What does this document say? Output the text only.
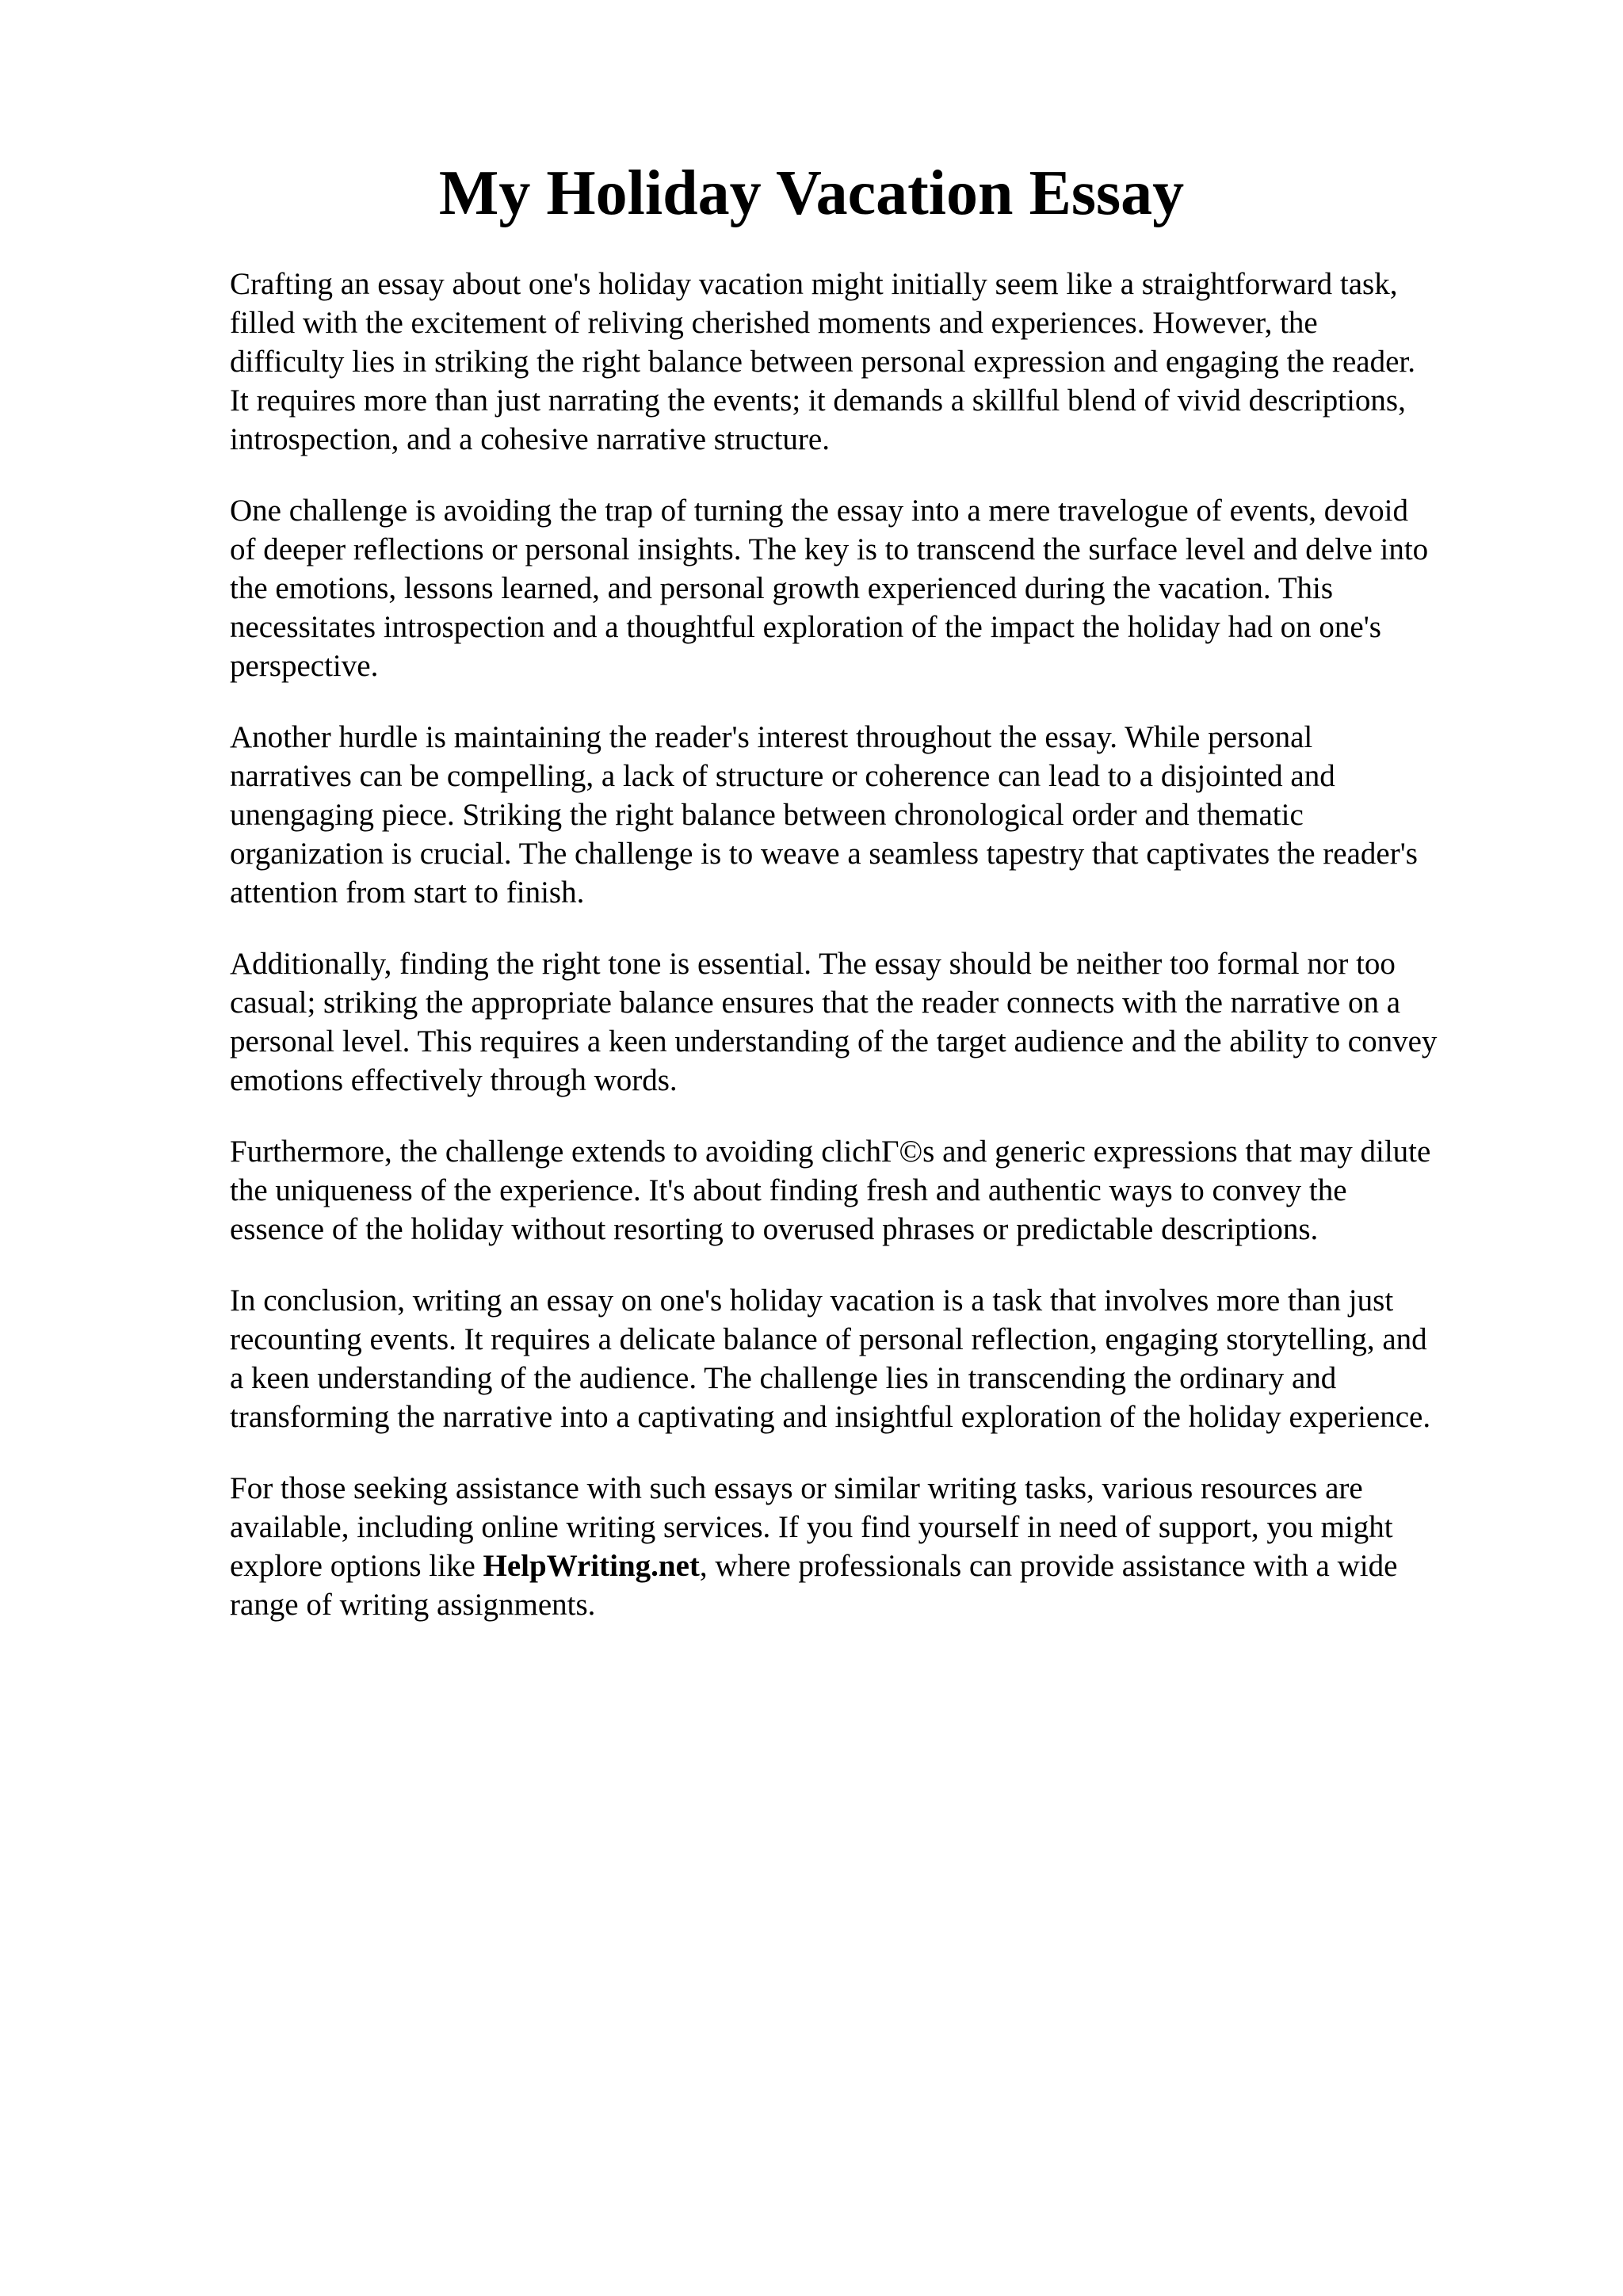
My Holiday Vacation Essay

Crafting an essay about one's holiday vacation might initially seem like a straightforward task,
filled with the excitement of reliving cherished moments and experiences. However, the
difficulty lies in striking the right balance between personal expression and engaging the reader.
It requires more than just narrating the events; it demands a skillful blend of vivid descriptions,
introspection, and a cohesive narrative structure.

One challenge is avoiding the trap of turning the essay into a mere travelogue of events, devoid
of deeper reflections or personal insights. The key is to transcend the surface level and delve into
the emotions, lessons learned, and personal growth experienced during the vacation. This
necessitates introspection and a thoughtful exploration of the impact the holiday had on one's
perspective.

Another hurdle is maintaining the reader's interest throughout the essay. While personal
narratives can be compelling, a lack of structure or coherence can lead to a disjointed and
unengaging piece. Striking the right balance between chronological order and thematic
organization is crucial. The challenge is to weave a seamless tapestry that captivates the reader's
attention from start to finish.

Additionally, finding the right tone is essential. The essay should be neither too formal nor too
casual; striking the appropriate balance ensures that the reader connects with the narrative on a
personal level. This requires a keen understanding of the target audience and the ability to convey
emotions effectively through words.

Furthermore, the challenge extends to avoiding clichΓ©s and generic expressions that may dilute
the uniqueness of the experience. It's about finding fresh and authentic ways to convey the
essence of the holiday without resorting to overused phrases or predictable descriptions.

In conclusion, writing an essay on one's holiday vacation is a task that involves more than just
recounting events. It requires a delicate balance of personal reflection, engaging storytelling, and
a keen understanding of the audience. The challenge lies in transcending the ordinary and
transforming the narrative into a captivating and insightful exploration of the holiday experience.

For those seeking assistance with such essays or similar writing tasks, various resources are
available, including online writing services. If you find yourself in need of support, you might
explore options like HelpWriting.net, where professionals can provide assistance with a wide
range of writing assignments.
